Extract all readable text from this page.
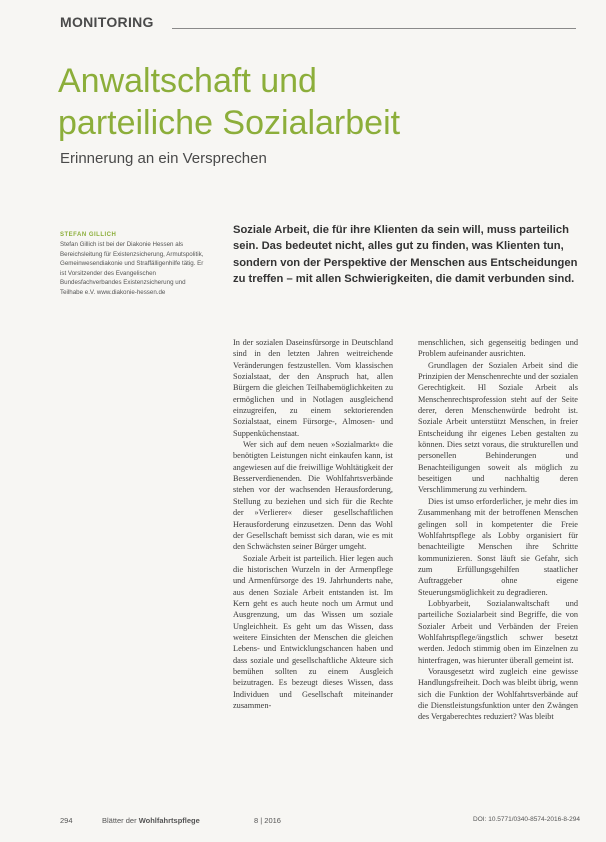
MONITORING
Anwaltschaft und
parteiliche Sozialarbeit
Erinnerung an ein Versprechen
STEFAN GILLICH
Stefan Gillich ist bei der Diakonie Hessen als Bereichsleitung für Existenzsicherung, Armutspolitik, Gemeinwesendiakonie und Straffälligenhilfe tätig. Er ist Vorsitzender des Evangelischen Bundesfachverbandes Existenzsicherung und Teilhabe e.V. www.diakonie-hessen.de
Soziale Arbeit, die für ihre Klienten da sein will, muss parteilich sein. Das bedeutet nicht, alles gut zu finden, was Klienten tun, sondern von der Perspektive der Menschen aus Entscheidungen zu treffen – mit allen Schwierigkeiten, die damit verbunden sind.

In der sozialen Daseinsfürsorge in Deutschland sind in den letzten Jahren weitreichende Veränderungen festzustellen. Vom klassischen Sozialstaat, der den Anspruch hat, allen Bürgern die gleichen Teilhabemöglichkeiten zu ermöglichen und in Notlagen ausgleichend einzugreifen, zu einem sektorierenden Sozialstaat, einem Fürsorge-, Almosen- und Suppenküchenstaat.

Wer sich auf dem neuen »Sozialmarkt« die benötigten Leistungen nicht einkaufen kann, ist angewiesen auf die freiwillige Wohltätigkeit der Besserverdienenden. Die Wohlfahrtsverbände stehen vor der wachsenden Herausforderung, Stellung zu beziehen und sich für die Rechte der »Verlierer« dieser gesellschaftlichen Herausforderung einzusetzen. Denn das Wohl der Gesellschaft bemisst sich daran, wie es mit den Schwächsten seiner Bürger umgeht.

Soziale Arbeit ist parteilich. Hier legen auch die historischen Wurzeln in der Armenpflege und Armenfürsorge des 19. Jahrhunderts nahe, aus denen Soziale Arbeit entstanden ist. Im Kern geht es auch heute noch um Armut und Ausgrenzung, um das Wissen um soziale Ungleichheit. Es geht um das Wissen, dass weitere Einsichten der Menschen die gleichen Lebens- und Entwicklungschancen haben und dass soziale und gesellschaftliche Akteure sich bemühen sollten zu einem Ausgleich beizutragen. Es bezeugt dieses Wissen, dass Individuen und Gesellschaft miteinander zusammen-

menschlichen, sich gegenseitig bedingen und Problem aufeinander ausrichten.

Grundlagen der Sozialen Arbeit sind die Prinzipien der Menschenrechte und der sozialen Gerechtigkeit. Hl Soziale Arbeit als Menschenrechtsprofession steht auf der Seite derer, deren Menschenwürde bedroht ist. Soziale Arbeit unterstützt Menschen, in freier Entscheidung ihr eigenes Leben gestalten zu können. Dies setzt voraus, die strukturellen und personellen Behinderungen und Benachteiligungen soweit als möglich zu beseitigen und nachhaltig deren Verschlimmerung zu verhindern.

Dies ist umso erforderlicher, je mehr dies im Zusammenhang mit der betroffenen Menschen gelingen soll in kompetenter die Freie Wohlfahrtspflege als Lobby organisiert für benachteiligte Menschen ihre Schritte kommunizieren. Sonst läuft sie Gefahr, sich zum Erfüllungsgehilfen staatlicher Auftraggeber ohne eigene Steuerungsmöglichkeit zu degradieren.

Lobbyarbeit, Sozialanwaltschaft und parteiliche Sozialarbeit sind Begriffe, die von Sozialer Arbeit und Verbänden der Freien Wohlfahrtspflege/ängstlich schwer besetzt werden. Jedoch stimmig oben im Einzelnen zu hinterfragen, was hierunter überall gemeint ist.

Vorausgesetzt wird zugleich eine gewisse Handlungsfreiheit. Doch was bleibt übrig, wenn sich die Funktion der Wohlfahrtsverbände auf die Dienstleistungsfunktion unter den Zwängen des Vergaberechtes reduziert? Was bleibt

294	Blätter der Wohlfahrtspflege	8 | 2016	DOI: 10.5771/0340-8574-2016-8-294
